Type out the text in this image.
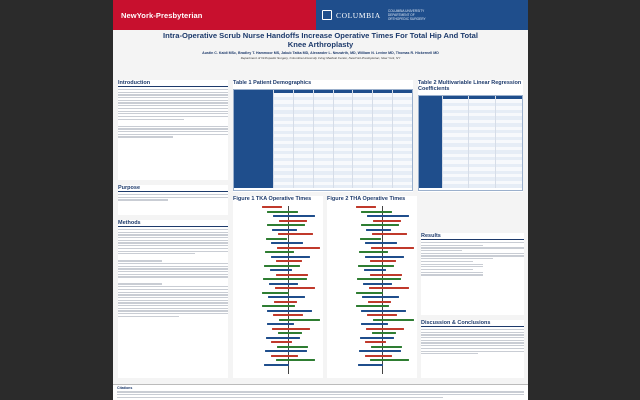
NewYork-Presbyterian	COLUMBIA COLUMBIA UNIVERSITY
DEPARTMENT OF
ORTHOPEDIC SURGERY
Intra-Operative Scrub Nurse Handoffs Increase Operative Times For Total Hip And Total Knee Arthroplasty
Austin C. Kaidi MSc, Bradley T. Hammoor MS, Jakub Tatka MD, Alexander L. Neuwirth, MD, William N. Levine MD, Thomas R. Hickernell MD
Department of Orthopedic Surgery, Columbia University Irving Medical Center, NewYork-Presbyterian, New York, NY
Introduction
Purpose
Methods
Table 1 Patient Demographics	Table 2 Multivariable Linear Regression Coefficients
Figure 1 TKA Operative Times	Figure 2 THA Operative Times
Results
Discussion & Conclusions
Citations
